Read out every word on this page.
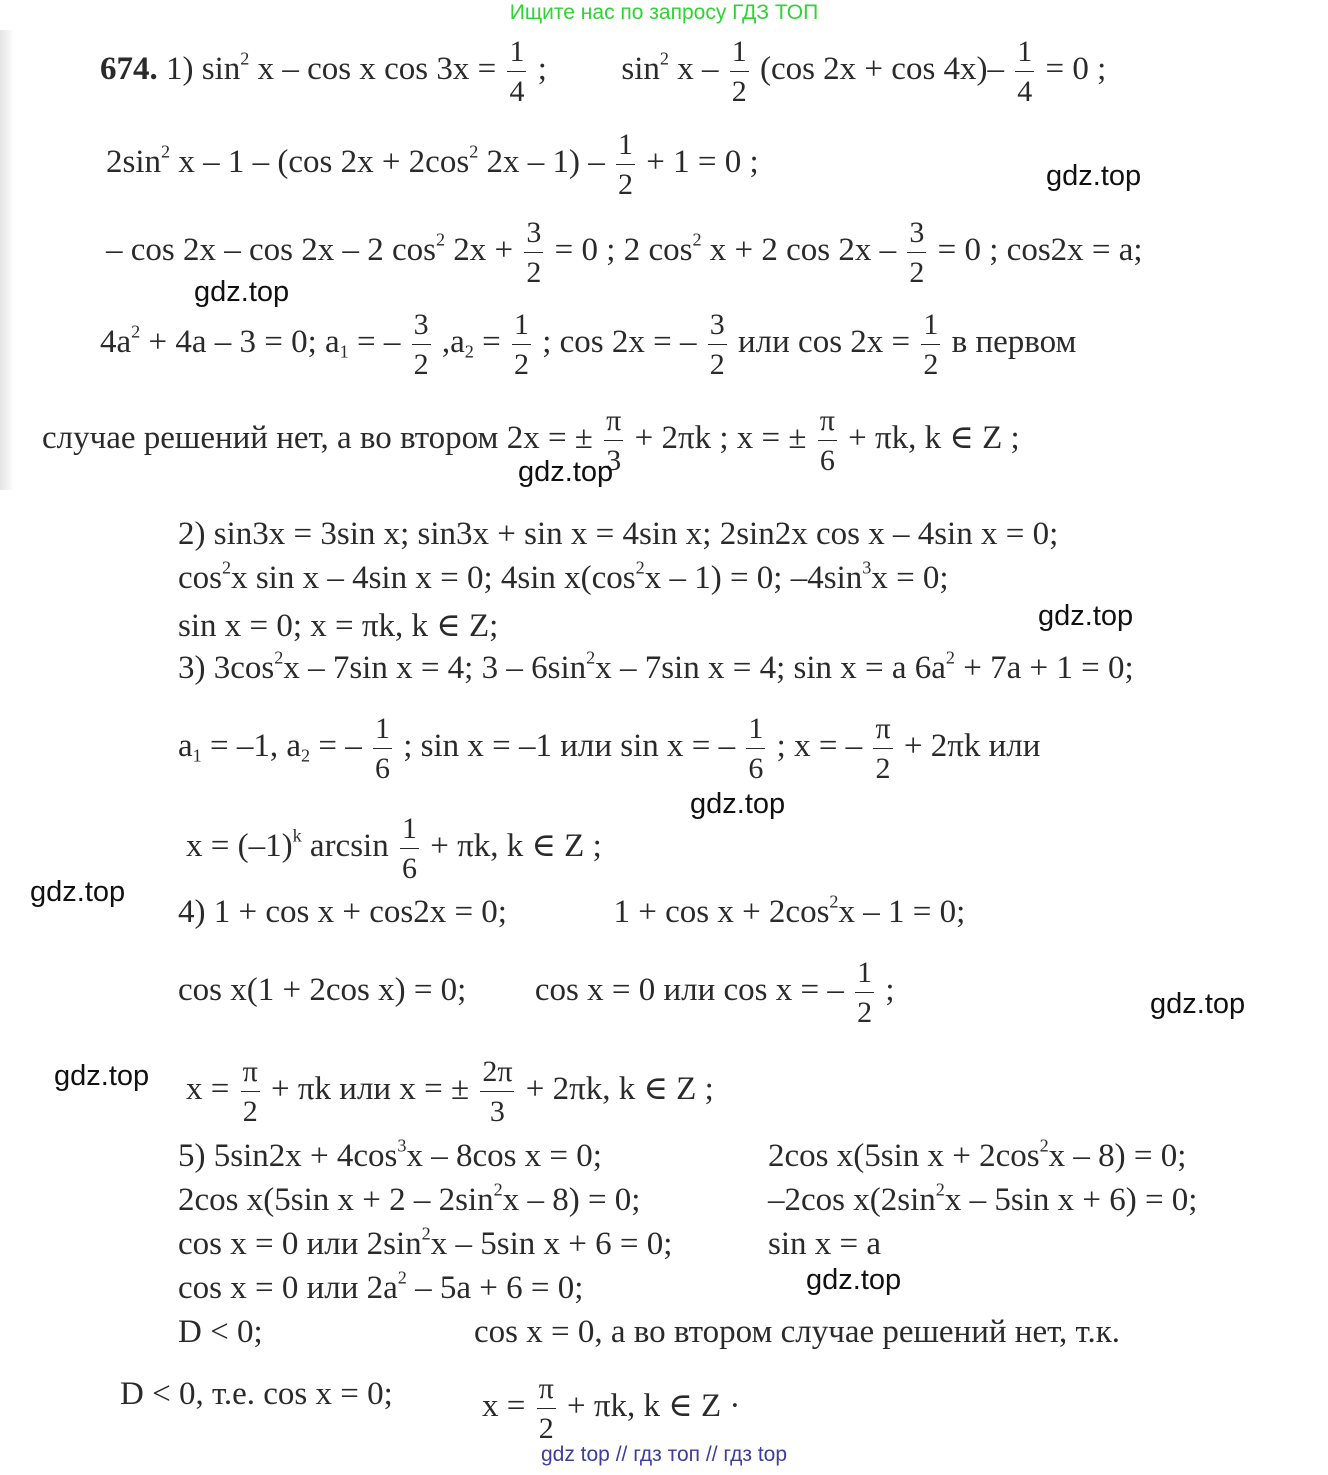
Ищите нас по запросу ГДЗ ТОП
674. 1) $\sin^2 x$ – cos x $\cos 3x = \frac{1}{4}$ ; $\sin^2 x - \frac{1}{2} (\cos$ $2x + \cos 4x)- \frac{1}{4} = 0$ ;
$2\sin^2$ x – 1 – (cos $2x + 2\cos^2$ $2x - 1) - \frac{1}{2} + 1 = 0$ ;
– cos 2x – cos 2x – 2 $\cos^2 2x + \frac{3}{2} = 0$ ; 2 $\cos^2 x + 2$ $\cos 2x - \frac{3}{2} = 0$ ; cos2x = a;
$4a^2 + 4a - 3 = 0$; $a_1$ = – $\frac{3}{2} ,a_2 = \frac{1}{2}$ ; cos 2x = – $\frac{3}{2}$ или $\cos 2x = \frac{1}{2}$ в первом
случае решений нет, а во втором 2x = ± $\frac{\pi}{3} + 2\pi k$ ; x = ± $\frac{\pi}{6} + \pi k$, k ∈ Z ;
2) sin3x = 3sin x; sin3x + sin x = 4sin x; 2sin2x cos x – 4sin x = 0;
$\cos^2x$ sin x – 4sin x = 0; 4sin $x(\cos^2x - 1) = 0$; $-4\sin^3x = 0$;
sin x = 0; x = πk, k ∈ Z;
3) $3\cos^2x - 7\sin$ x = 4; $3 - 6\sin^2x - 7\sin$ x = 4; sin x = a $6a^2 + 7a + 1 = 0$;
$a_1 = -1$, $a_2$ = – $\frac{1}{6}$ ; sin x = –1 или sin x = – $\frac{1}{6}$ ; x = – $\frac{\pi}{2} + 2\pi k$ или
$x = (-1)^k$ $\arcsin \frac{1}{6} + \pi k$, k ∈ Z ;
4) 1 + cos x + cos2x = 0;	$1 + \cos x + 2\cos^2x - 1 = 0$;
cos x(1 + 2cos x) = 0; cos x = 0 или cos x = – $\frac{1}{2}$ ;
$x = \frac{\pi}{2} + \pi k$ или x = ± $\frac{2\pi}{3} + 2\pi k$, k ∈ Z ;
5) $5\sin 2x + 4\cos^3x - 8\cos$ x = 0;	2cos x(5sin $x + 2\cos^2x - 8) = 0$;
2cos x(5sin $x + 2 - 2\sin^2x - 8) = 0$;	–2cos $x(2\sin^2x - 5\sin$ x + 6) = 0;
cos x = 0 или $2\sin^2x - 5\sin$ x + 6 = 0;	sin x = a
cos x = 0 или $2a^2 - 5a + 6 = 0$;
D < 0;	cos x = 0, а во втором случае решений нет, т.к.
D < 0, т.е. cos x = 0;	$x = \frac{\pi}{2} + \pi k$, k ∈ Z ·
gdz.top
gdz.top
gdz.top
gdz.top
gdz.top
gdz.top
gdz.top
gdz.top
gdz.top
gdz top // гдз топ // гдз top
